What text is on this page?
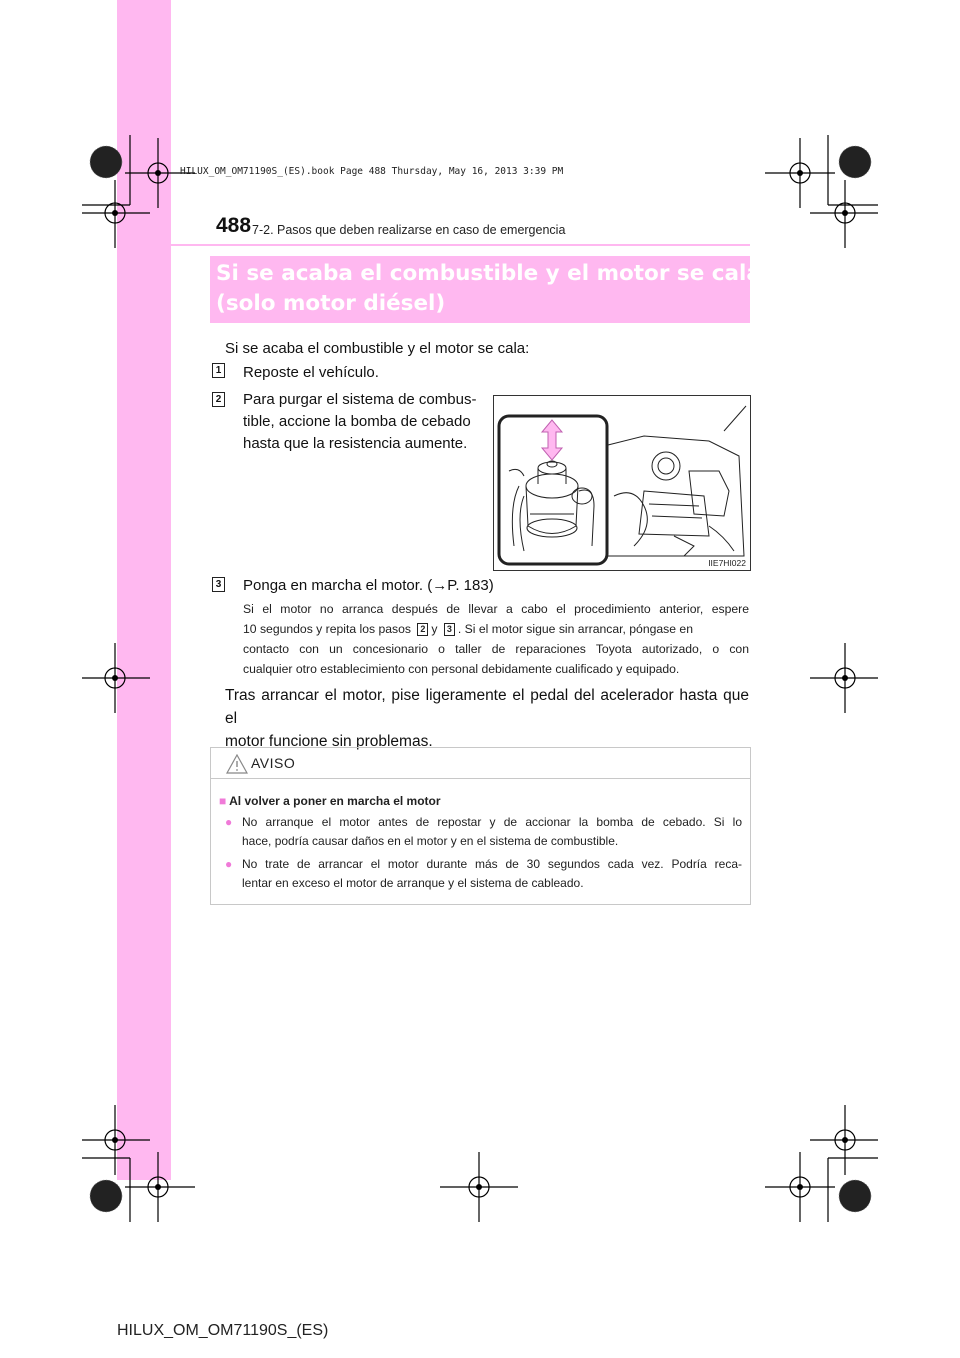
HILUX_OM_OM71190S_(ES).book Page 488 Thursday, May 16, 2013 3:39 PM
488 7-2. Pasos que deben realizarse en caso de emergencia
Si se acaba el combustible y el motor se cala
(solo motor diésel)
Si se acaba el combustible y el motor se cala:
1 Reposte el vehículo.
2 Para purgar el sistema de combus-
tible, accione la bomba de cebado
hasta que la resistencia aumente.
IIE7HI022
3 Ponga en marcha el motor. (→P. 183)
Si el motor no arranca después de llevar a cabo el procedimiento anterior, espere
10 segundos y repita los pasos 2 y 3 . Si el motor sigue sin arrancar, póngase en
contacto con un concesionario o taller de reparaciones Toyota autorizado, o con
cualquier otro establecimiento con personal debidamente cualificado y equipado.
Tras arrancar el motor, pise ligeramente el pedal del acelerador hasta que el
motor funcione sin problemas.
AVISO
■ Al volver a poner en marcha el motor
● No arranque el motor antes de repostar y de accionar la bomba de cebado. Si lo
hace, podría causar daños en el motor y en el sistema de combustible.
● No trate de arrancar el motor durante más de 30 segundos cada vez. Podría reca-
lentar en exceso el motor de arranque y el sistema de cableado.
HILUX_OM_OM71190S_(ES)
